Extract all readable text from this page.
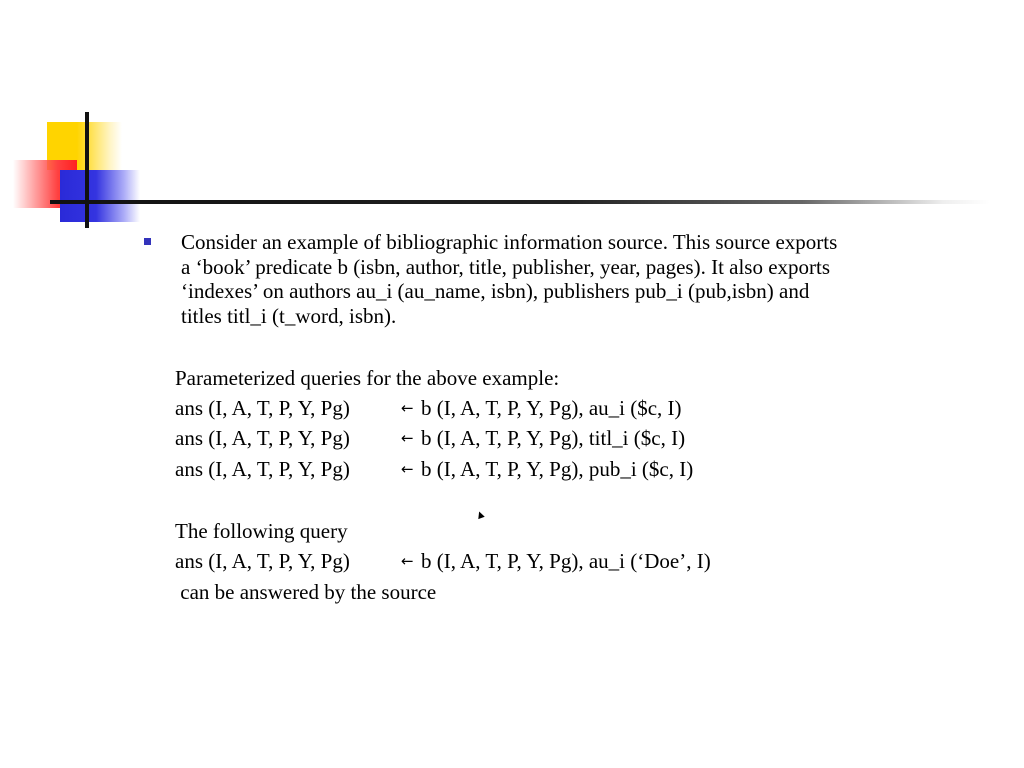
Consider an example of bibliographic information source. This source exports
a ‘book’ predicate b (isbn, author, title, publisher, year, pages). It also exports
‘indexes’ on authors au_i (au_name, isbn), publishers pub_i (pub,isbn) and
titles titl_i (t_word, isbn).
Parameterized queries for the above example:
ans (I, A, T, P, Y, Pg)	← b (I, A, T, P, Y, Pg), au_i ($c, I)
ans (I, A, T, P, Y, Pg)	← b (I, A, T, P, Y, Pg), titl_i ($c, I)
ans (I, A, T, P, Y, Pg)	← b (I, A, T, P, Y, Pg), pub_i ($c, I)
▲
The following query
ans (I, A, T, P, Y, Pg)	← b (I, A, T, P, Y, Pg), au_i (‘Doe’, I)
can be answered by the source
